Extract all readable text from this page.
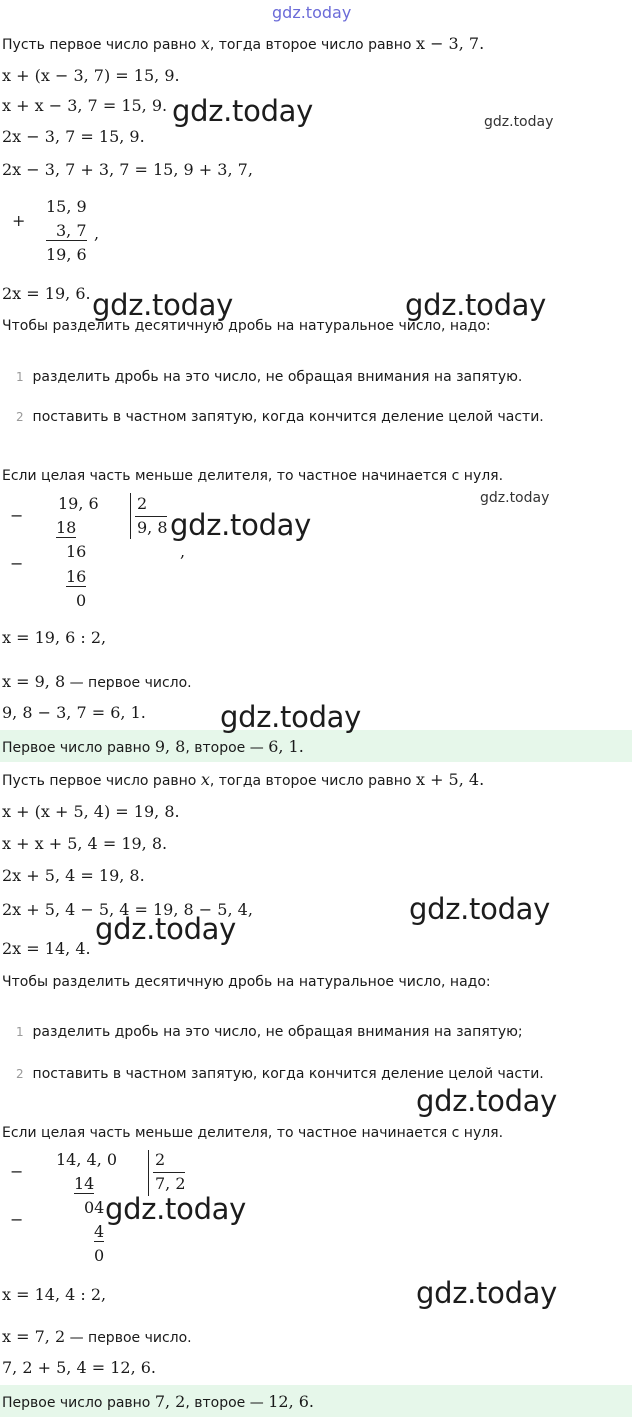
gdz.today
Пусть первое число равно x, тогда второе число равно x − 3, 7.
x + (x − 3, 7) = 15, 9.
x + x − 3, 7 = 15, 9. gdz.today	gdz.today
2x − 3, 7 = 15, 9.
2x − 3, 7 + 3, 7 = 15, 9 + 3, 7,
+
15, 9
3, 7
19, 6
,
2x = 19, 6. gdz.today	gdz.today
Чтобы разделить десятичную дробь на натуральное число, надо:
1 разделить дробь на это число, не обращая внимания на запятую.
2 поставить в частном запятую, когда кончится деление целой части.
Если целая часть меньше делителя, то частное начинается с нуля.
gdz.today
−
19, 6
18
−
16
16
0
2
9, 8 gdz.today
,
x = 19, 6 : 2,
x = 9, 8 — первое число.
9, 8 − 3, 7 = 6, 1.	gdz.today
Первое число равно 9, 8, второе — 6, 1.
Пусть первое число равно x, тогда второе число равно x + 5, 4.
x + (x + 5, 4) = 19, 8.
x + x + 5, 4 = 19, 8.
2x + 5, 4 = 19, 8.
2x + 5, 4 − 5, 4 = 19, 8 − 5, 4,	gdz.today
2x = 14, 4.
gdz.today
Чтобы разделить десятичную дробь на натуральное число, надо:
1 разделить дробь на это число, не обращая внимания на запятую;
2 поставить в частном запятую, когда кончится деление целой части.
gdz.today
Если целая часть меньше делителя, то частное начинается с нуля.
−
14, 4, 0
14
−
04
4
0
2
7, 2
gdz.today
x = 14, 4 : 2,	gdz.today
x = 7, 2 — первое число.
7, 2 + 5, 4 = 12, 6.
Первое число равно 7, 2, второе — 12, 6.
